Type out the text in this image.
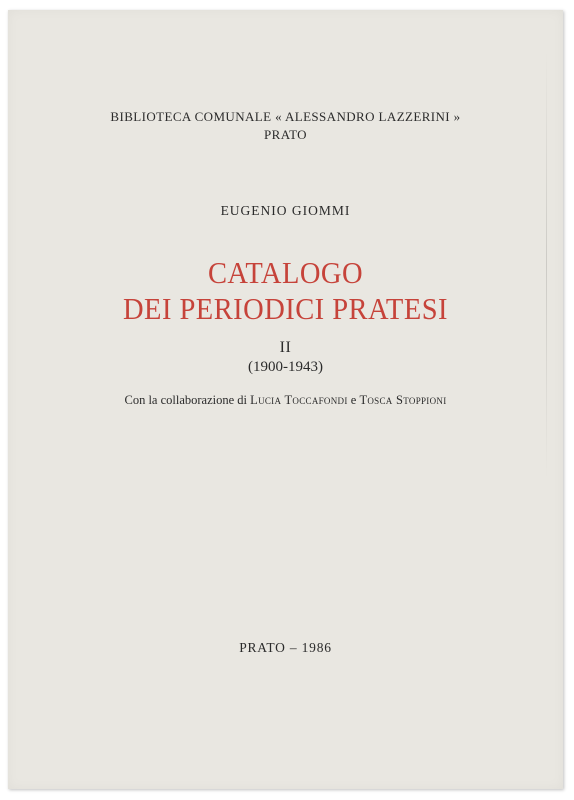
BIBLIOTECA COMUNALE « ALESSANDRO LAZZERINI »
PRATO
EUGENIO GIOMMI
CATALOGO
DEI PERIODICI PRATESI
II
(1900-1943)
Con la collaborazione di Lucia Toccafondi e Tosca Stoppioni
PRATO – 1986
